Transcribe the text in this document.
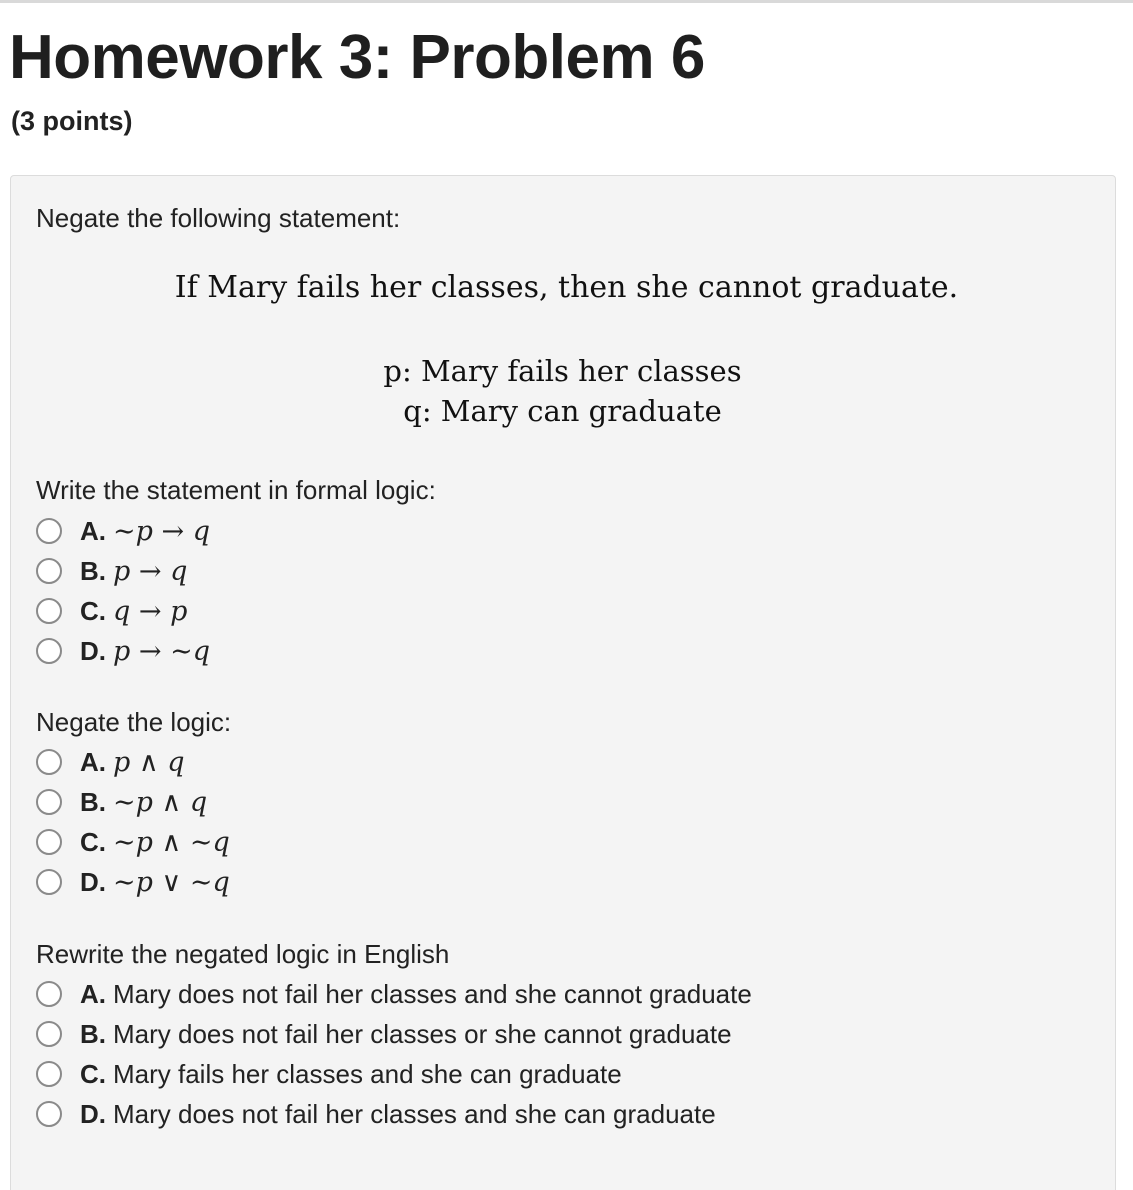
Homework 3: Problem 6
(3 points)
Negate the following statement:
If Mary fails her classes, then she cannot graduate.
p: Mary fails her classes
q: Mary can graduate
Write the statement in formal logic:
A. ∼p → q
B. p → q
C. q → p
D. p → ∼q
Negate the logic:
A. p ∧ q
B. ∼p ∧ q
C. ∼p ∧ ∼q
D. ∼p ∨ ∼q
Rewrite the negated logic in English
A. Mary does not fail her classes and she cannot graduate
B. Mary does not fail her classes or she cannot graduate
C. Mary fails her classes and she can graduate
D. Mary does not fail her classes and she can graduate
